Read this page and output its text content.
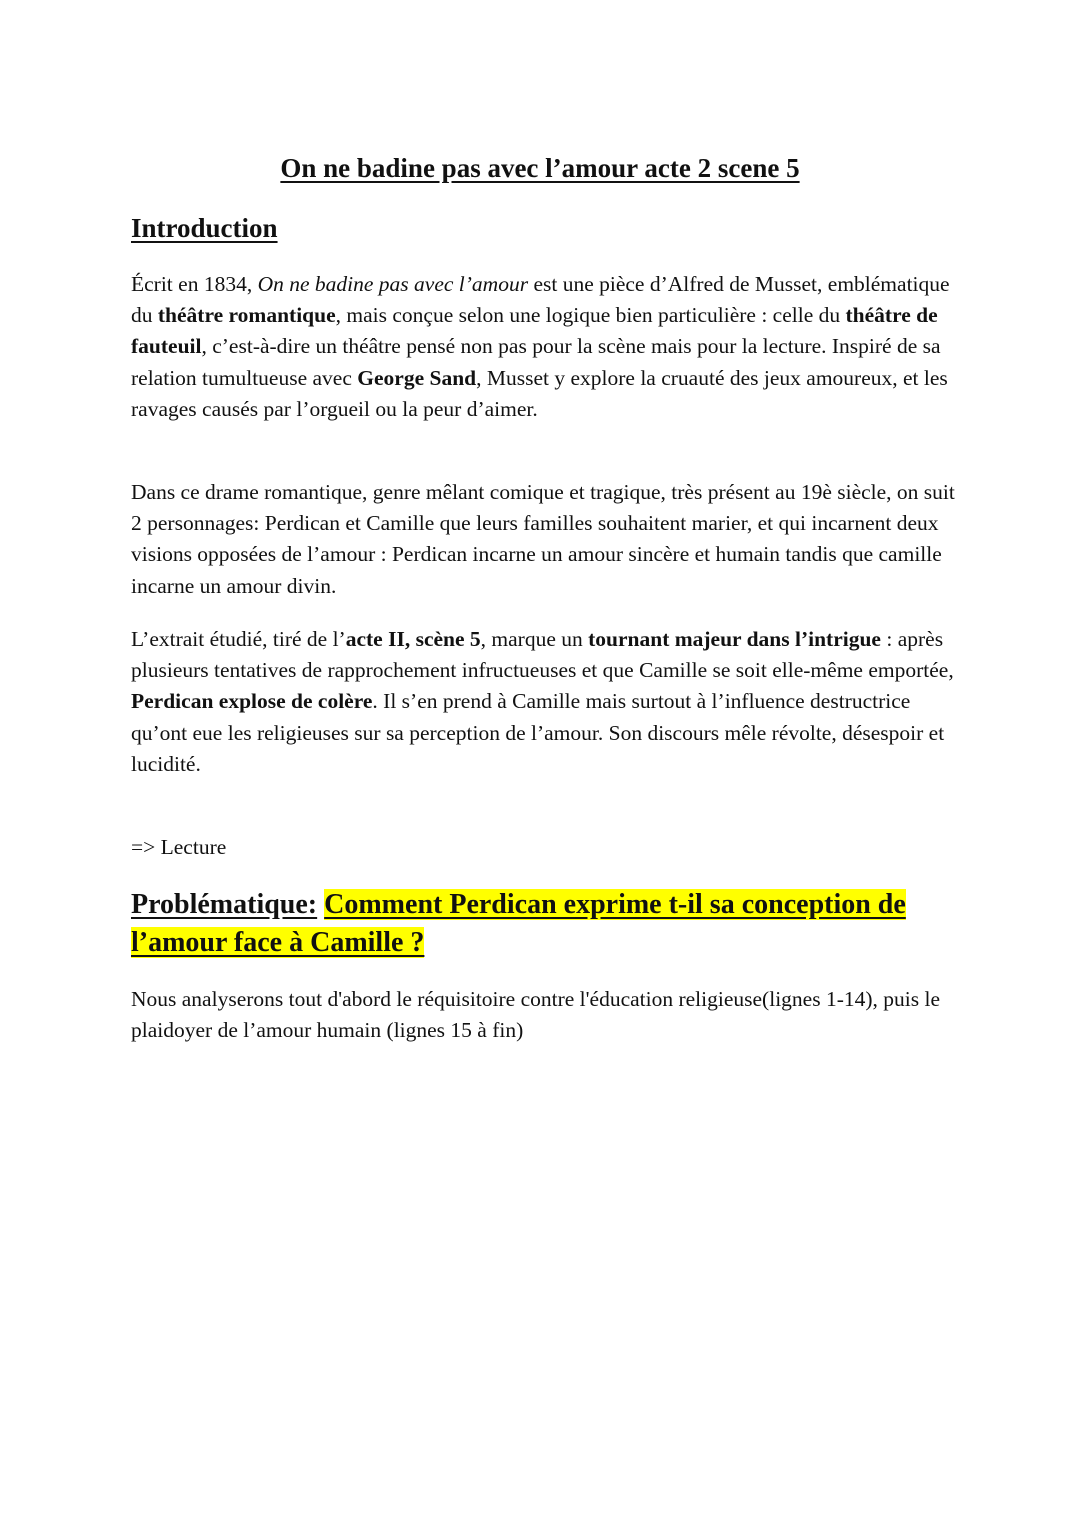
On ne badine pas avec l’amour acte 2 scene 5
Introduction

Écrit en 1834, On ne badine pas avec l’amour est une pièce d’Alfred de Musset, emblématique du théâtre romantique, mais conçue selon une logique bien particulière : celle du théâtre de fauteuil, c’est-à-dire un théâtre pensé non pas pour la scène mais pour la lecture. Inspiré de sa relation tumultueuse avec George Sand, Musset y explore la cruauté des jeux amoureux, et les ravages causés par l’orgueil ou la peur d’aimer.

Dans ce drame romantique, genre mêlant comique et tragique, très présent au 19è siècle, on suit 2 personnages: Perdican et Camille que leurs familles souhaitent marier, et qui incarnent deux visions opposées de l’amour : Perdican incarne un amour sincère et humain tandis que camille incarne un amour divin.

L’extrait étudié, tiré de l’acte II, scène 5, marque un tournant majeur dans l’intrigue : après plusieurs tentatives de rapprochement infructueuses et que Camille se soit elle-même emportée, Perdican explose de colère. Il s’en prend à Camille mais surtout à l’influence destructrice qu’ont eue les religieuses sur sa perception de l’amour. Son discours mêle révolte, désespoir et lucidité.

=> Lecture

Problématique: Comment Perdican exprime t-il sa conception de l’amour face à Camille ?

Nous analyserons tout d'abord le réquisitoire contre l'éducation religieuse(lignes 1-14), puis le plaidoyer de l’amour humain (lignes 15 à fin)
